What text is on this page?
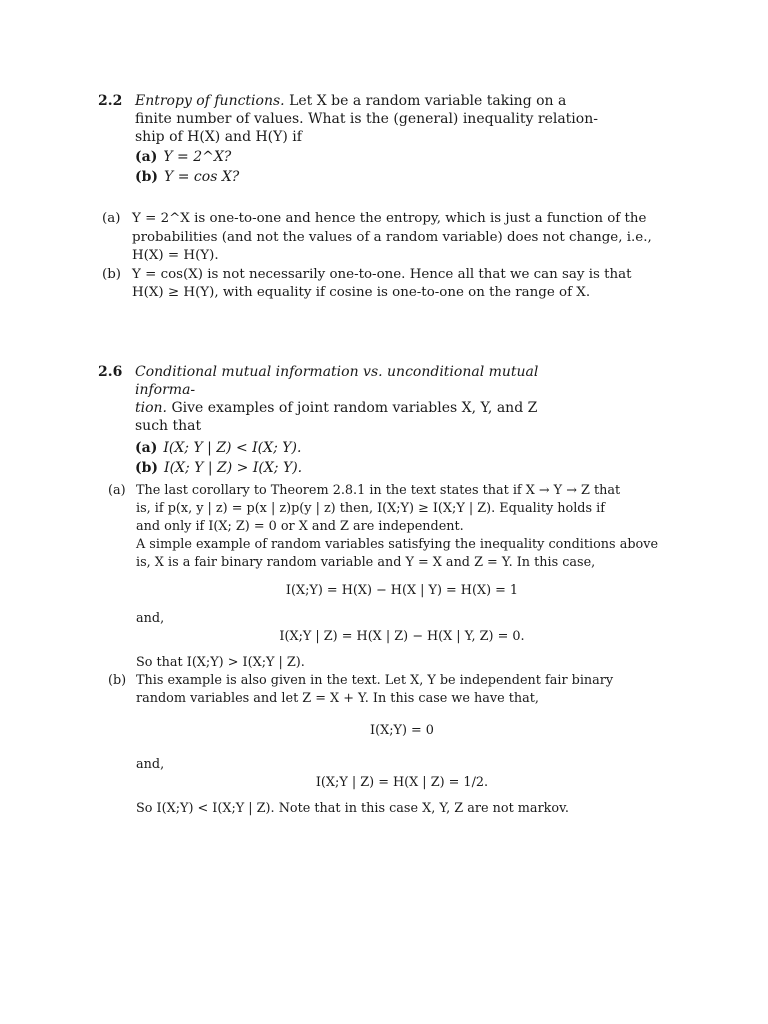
2.2 Entropy of functions. Let X be a random variable taking on a
finite number of values. What is the (general) inequality relation-
ship of H(X) and H(Y) if
(a) Y = 2^X?
(b) Y = cos X?
(a) Y = 2^X is one-to-one and hence the entropy, which is just a function of the
probabilities (and not the values of a random variable) does not change, i.e.,
H(X) = H(Y).
(b) Y = cos(X) is not necessarily one-to-one. Hence all that we can say is that
H(X) ≥ H(Y), with equality if cosine is one-to-one on the range of X.
2.6 Conditional mutual information vs. unconditional mutual informa-
tion. Give examples of joint random variables X, Y, and Z
such that
(a) I(X; Y | Z) < I(X; Y).
(b) I(X; Y | Z) > I(X; Y).
(a) The last corollary to Theorem 2.8.1 in the text states that if X → Y → Z that
is, if p(x, y | z) = p(x | z)p(y | z) then, I(X;Y) ≥ I(X;Y | Z). Equality holds if
and only if I(X; Z) = 0 or X and Z are independent.
A simple example of random variables satisfying the inequality conditions above
is, X is a fair binary random variable and Y = X and Z = Y. In this case,
I(X;Y) = H(X) − H(X | Y) = H(X) = 1
and,
I(X;Y | Z) = H(X | Z) − H(X | Y, Z) = 0.
So that I(X;Y) > I(X;Y | Z).
(b) This example is also given in the text. Let X, Y be independent fair binary
random variables and let Z = X + Y. In this case we have that,
I(X;Y) = 0
and,
I(X;Y | Z) = H(X | Z) = 1/2.
So I(X;Y) < I(X;Y | Z). Note that in this case X, Y, Z are not markov.
